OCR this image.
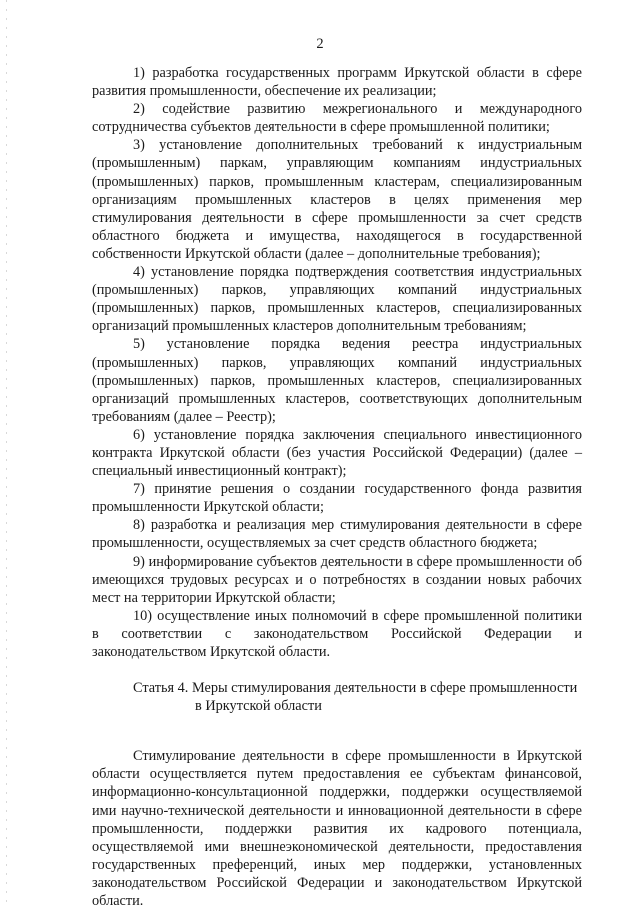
2

1) разработка государственных программ Иркутской области в сфере развития промышленности, обеспечение их реализации;

2) содействие развитию межрегионального и международного сотрудничества субъектов деятельности в сфере промышленной политики;

3) установление дополнительных требований к индустриальным (промышленным) паркам, управляющим компаниям индустриальных (промышленных) парков, промышленным кластерам, специализированным организациям промышленных кластеров в целях применения мер стимулирования деятельности в сфере промышленности за счет средств областного бюджета и имущества, находящегося в государственной собственности Иркутской области (далее – дополнительные требования);

4) установление порядка подтверждения соответствия индустриальных (промышленных) парков, управляющих компаний индустриальных (промышленных) парков, промышленных кластеров, специализированных организаций промышленных кластеров дополнительным требованиям;

5) установление порядка ведения реестра индустриальных (промышленных) парков, управляющих компаний индустриальных (промышленных) парков, промышленных кластеров, специализированных организаций промышленных кластеров, соответствующих дополнительным требованиям (далее – Реестр);

6) установление порядка заключения специального инвестиционного контракта Иркутской области (без участия Российской Федерации) (далее – специальный инвестиционный контракт);

7) принятие решения о создании государственного фонда развития промышленности Иркутской области;

8) разработка и реализация мер стимулирования деятельности в сфере промышленности, осуществляемых за счет средств областного бюджета;

9) информирование субъектов деятельности в сфере промышленности об имеющихся трудовых ресурсах и о потребностях в создании новых рабочих мест на территории Иркутской области;

10) осуществление иных полномочий в сфере промышленной политики в соответствии с законодательством Российской Федерации и законодательством Иркутской области.

Статья 4. Меры стимулирования деятельности в сфере промышленности
в Иркутской области

Стимулирование деятельности в сфере промышленности в Иркутской области осуществляется путем предоставления ее субъектам финансовой, информационно-консультационной поддержки, поддержки осуществляемой ими научно-технической деятельности и инновационной деятельности в сфере промышленности, поддержки развития их кадрового потенциала, осуществляемой ими внешнеэкономической деятельности, предоставления государственных преференций, иных мер поддержки, установленных законодательством Российской Федерации и законодательством Иркутской области.
